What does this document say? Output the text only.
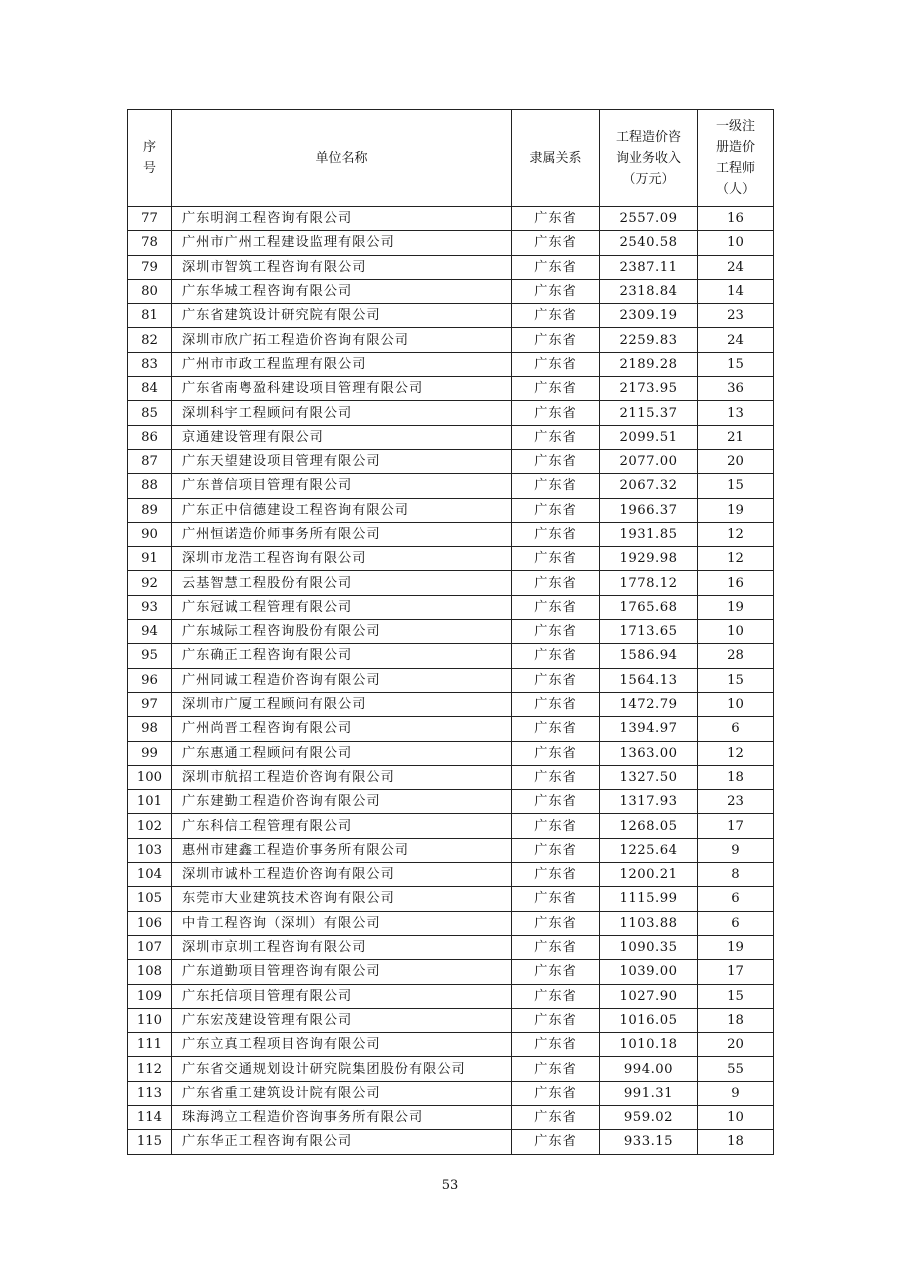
序
号	单位名称	隶属关系	工程造价咨
询业务收入
（万元）	一级注
册造价
工程师
（人）

77	广东明润工程咨询有限公司	广东省	2557.09	16
78	广州市广州工程建设监理有限公司	广东省	2540.58	10
79	深圳市智筑工程咨询有限公司	广东省	2387.11	24
80	广东华城工程咨询有限公司	广东省	2318.84	14
81	广东省建筑设计研究院有限公司	广东省	2309.19	23
82	深圳市欣广拓工程造价咨询有限公司	广东省	2259.83	24
83	广州市市政工程监理有限公司	广东省	2189.28	15
84	广东省南粤盈科建设项目管理有限公司	广东省	2173.95	36
85	深圳科宇工程顾问有限公司	广东省	2115.37	13
86	京通建设管理有限公司	广东省	2099.51	21
87	广东天望建设项目管理有限公司	广东省	2077.00	20
88	广东普信项目管理有限公司	广东省	2067.32	15
89	广东正中信德建设工程咨询有限公司	广东省	1966.37	19
90	广州恒诺造价师事务所有限公司	广东省	1931.85	12
91	深圳市龙浩工程咨询有限公司	广东省	1929.98	12
92	云基智慧工程股份有限公司	广东省	1778.12	16
93	广东冠诚工程管理有限公司	广东省	1765.68	19
94	广东城际工程咨询股份有限公司	广东省	1713.65	10
95	广东确正工程咨询有限公司	广东省	1586.94	28
96	广州同诚工程造价咨询有限公司	广东省	1564.13	15
97	深圳市广厦工程顾问有限公司	广东省	1472.79	10
98	广州尚晋工程咨询有限公司	广东省	1394.97	6
99	广东惠通工程顾问有限公司	广东省	1363.00	12
100	深圳市航招工程造价咨询有限公司	广东省	1327.50	18
101	广东建勤工程造价咨询有限公司	广东省	1317.93	23
102	广东科信工程管理有限公司	广东省	1268.05	17
103	惠州市建鑫工程造价事务所有限公司	广东省	1225.64	9
104	深圳市诚朴工程造价咨询有限公司	广东省	1200.21	8
105	东莞市大业建筑技术咨询有限公司	广东省	1115.99	6
106	中肯工程咨询（深圳）有限公司	广东省	1103.88	6
107	深圳市京圳工程咨询有限公司	广东省	1090.35	19
108	广东道勤项目管理咨询有限公司	广东省	1039.00	17
109	广东托信项目管理有限公司	广东省	1027.90	15
110	广东宏茂建设管理有限公司	广东省	1016.05	18
111	广东立真工程项目咨询有限公司	广东省	1010.18	20
112	广东省交通规划设计研究院集团股份有限公司	广东省	994.00	55
113	广东省重工建筑设计院有限公司	广东省	991.31	9
114	珠海鸿立工程造价咨询事务所有限公司	广东省	959.02	10
115	广东华正工程咨询有限公司	广东省	933.15	18
53
